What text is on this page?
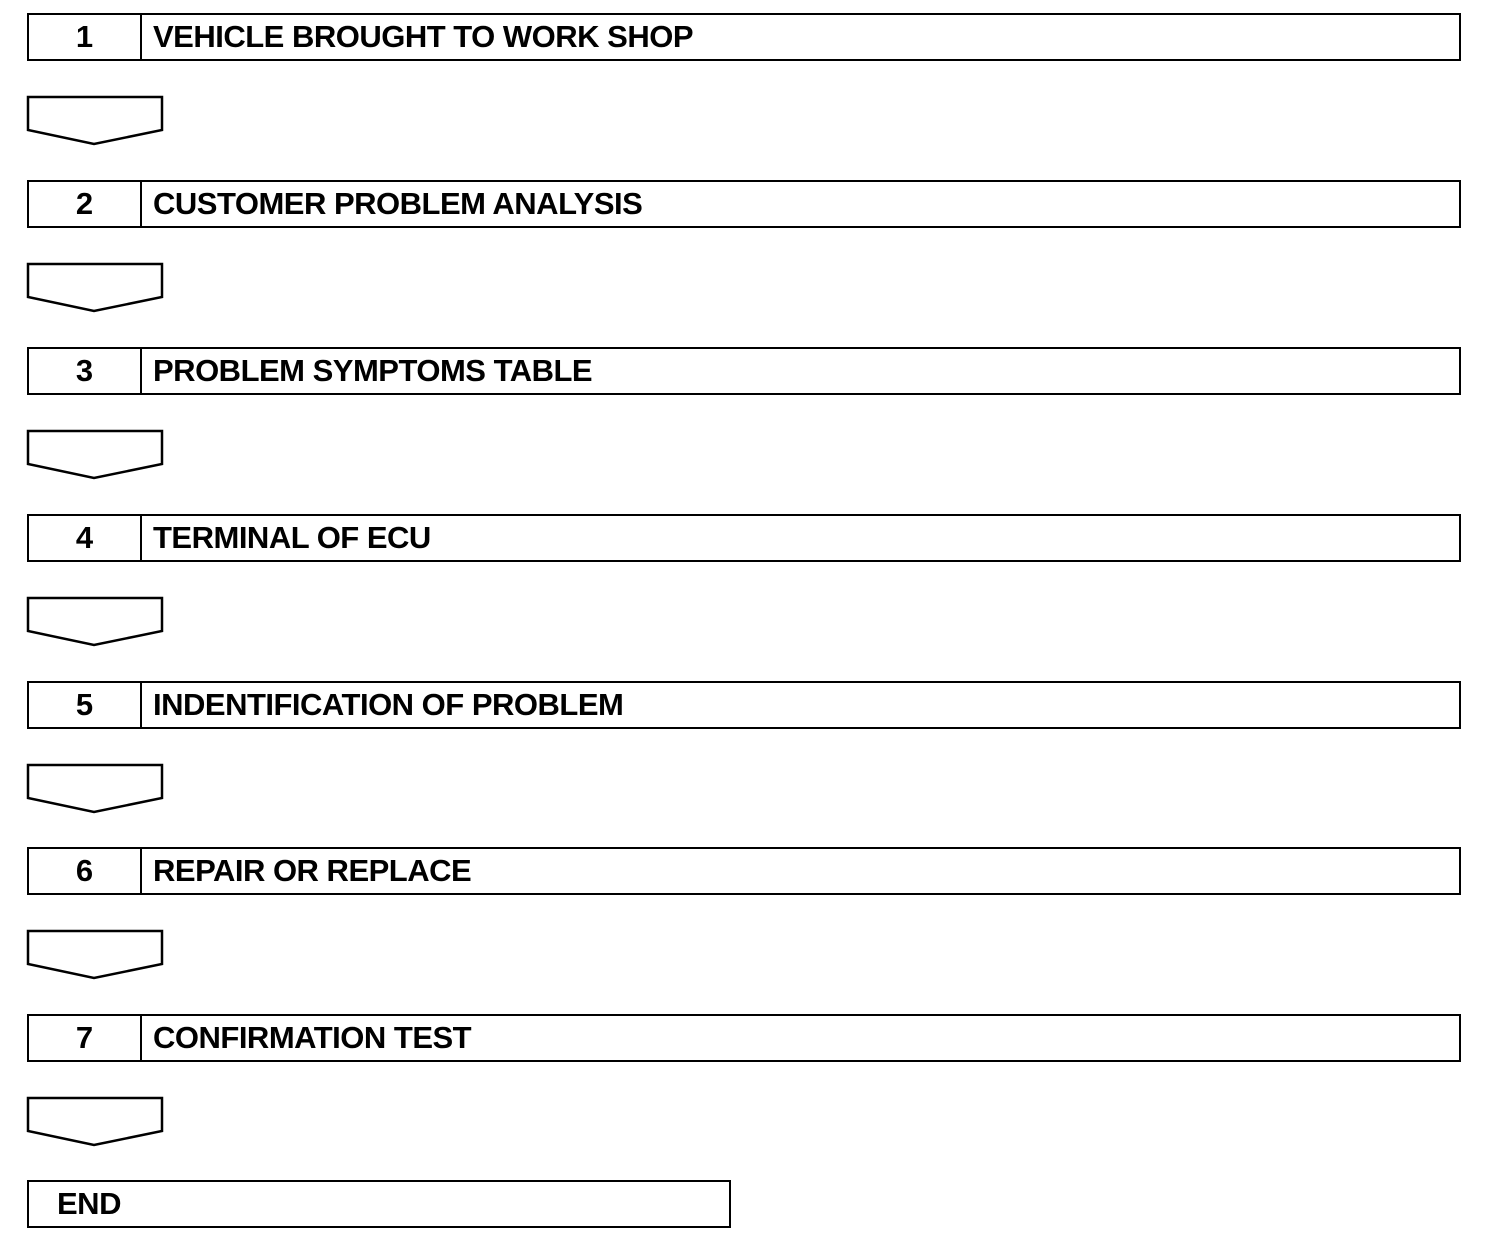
1	VEHICLE BROUGHT TO WORK SHOP
2	CUSTOMER PROBLEM ANALYSIS
3	PROBLEM SYMPTOMS TABLE
4	TERMINAL OF ECU
5	INDENTIFICATION OF PROBLEM
6	REPAIR OR REPLACE
7	CONFIRMATION TEST
END
